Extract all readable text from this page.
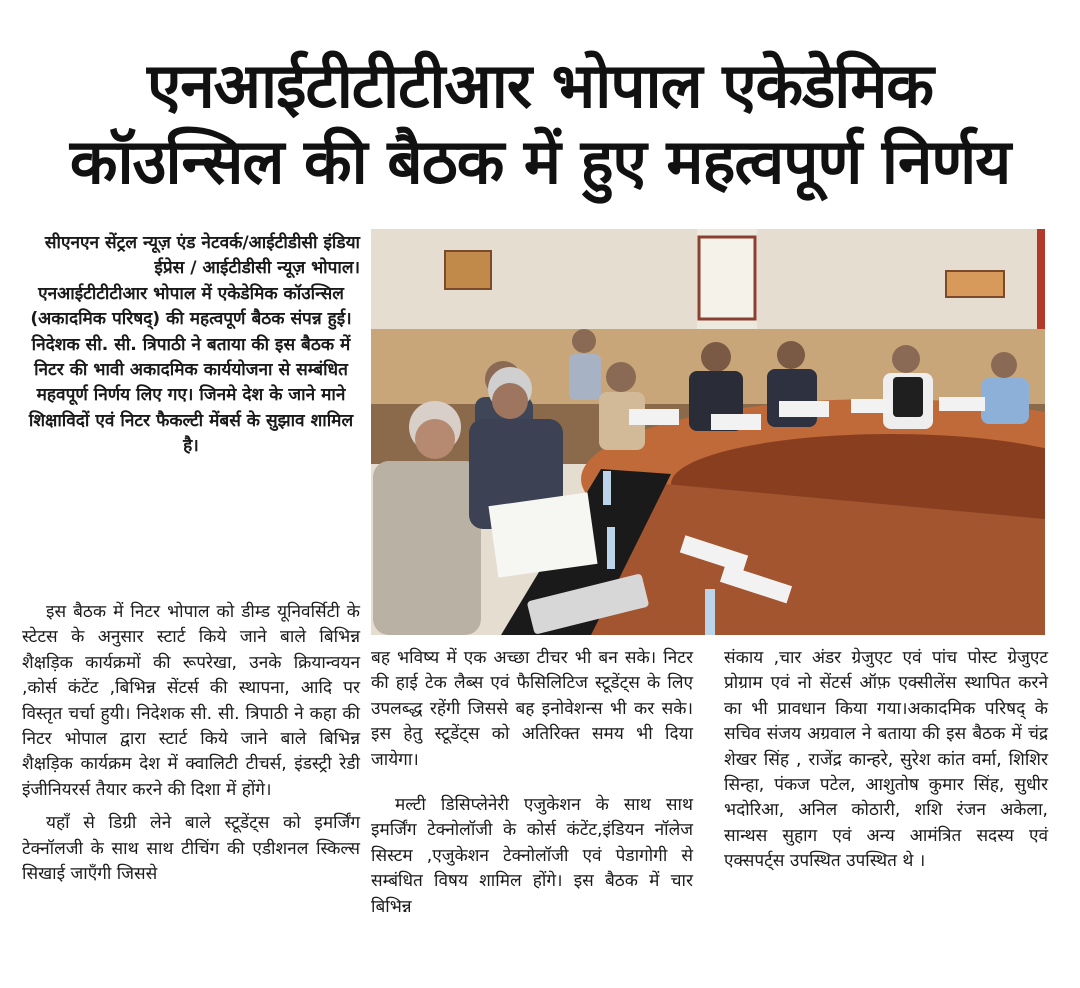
एनआईटीटीटीआर भोपाल एकेडेमिक
कॉउन्सिल की बैठक में हुए महत्वपूर्ण निर्णय

सीएनएन सेंट्रल न्यूज़ एंड नेटवर्क/आईटीडीसी इंडिया ईप्रेस / आईटीडीसी न्यूज़ भोपाल।

एनआईटीटीटीआर भोपाल में एकेडेमिक कॉउन्सिल (अकादमिक परिषद्) की महत्वपूर्ण बैठक संपन्न हुई। निदेशक सी. सी. त्रिपाठी ने बताया की इस बैठक में निटर की भावी अकादमिक कार्ययोजना से सम्बंधित महवपूर्ण निर्णय लिए गए। जिनमे देश के जाने माने शिक्षाविदों एवं निटर फैकल्टी मेंबर्स के सुझाव शामिल है।

इस बैठक में निटर भोपाल को डीम्ड यूनिवर्सिटी के स्टेटस के अनुसार स्टार्ट किये जाने बाले बिभिन्न शैक्षड़िक कार्यक्रमों की रूपरेखा, उनके क्रियान्वयन ,कोर्स कंटेंट ,बिभिन्न सेंटर्स की स्थापना, आदि पर विस्तृत चर्चा हुयी। निदेशक सी. सी. त्रिपाठी ने कहा की निटर भोपाल द्वारा स्टार्ट किये जाने बाले बिभिन्न शैक्षड़िक कार्यक्रम देश में क्वालिटी टीचर्स, इंडस्ट्री रेडी इंजीनियरर्स तैयार करने की दिशा में होंगे।

यहाँ से डिग्री लेने बाले स्टूडेंट्स को इमर्जिंग टेक्नॉलजी के साथ साथ टीचिंग की एडीशनल स्किल्स सिखाई जाएँगी जिससे

बह भविष्य में एक अच्छा टीचर भी बन सके। निटर की हाई टेक लैब्स एवं फैसिलिटिज स्टूडेंट्स के लिए उपलब्द्ध रहेंगी जिससे बह इनोवेशन्स भी कर सके। इस हेतु स्टूडेंट्स को अतिरिक्त समय भी दिया जायेगा।

मल्टी डिसिप्लेनेरी एजुकेशन के साथ साथ इमर्जिंग टेक्नोलॉजी के कोर्स कंटेंट,इंडियन नॉलेज सिस्टम ,एजुकेशन टेक्नोलॉजी एवं पेडागोगी से सम्बंधित विषय शामिल होंगे। इस बैठक में चार बिभिन्न

संकाय ,चार अंडर ग्रेजुएट एवं पांच पोस्ट ग्रेजुएट प्रोग्राम एवं नो सेंटर्स ऑफ़ एक्सीलेंस स्थापित करने का भी प्रावधान किया गया।अकादमिक परिषद् के सचिव संजय अग्रवाल ने बताया की इस बैठक में चंद्र शेखर सिंह , राजेंद्र कान्हरे, सुरेश कांत वर्मा, शिशिर सिन्हा, पंकज पटेल, आशुतोष कुमार सिंह, सुधीर भदोरिआ, अनिल कोठारी, शशि रंजन अकेला, सान्थस सुहाग एवं अन्य आमंत्रित सदस्य एवं एक्सपर्ट्स उपस्थित उपस्थित थे ।
